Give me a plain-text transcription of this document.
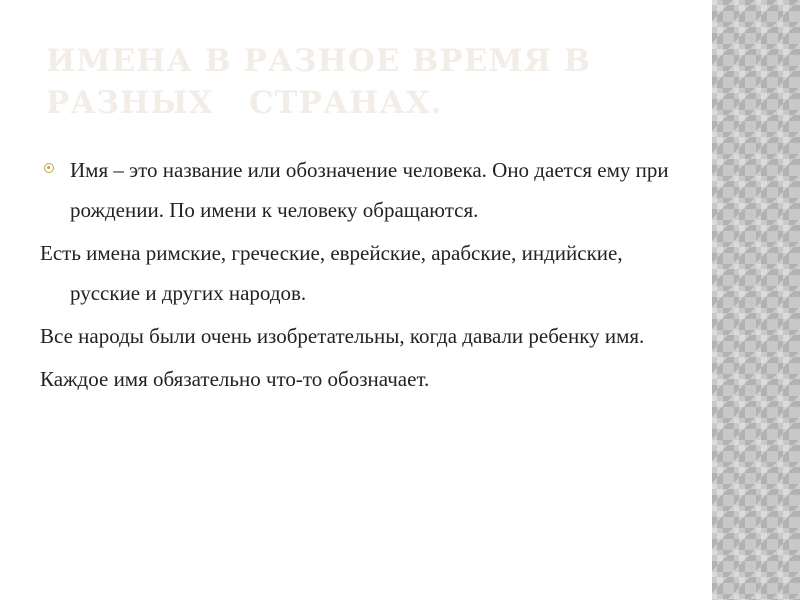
ИМЕНА В РАЗНОЕ ВРЕМЯ В РАЗНЫХ   СТРАНАХ.

Имя – это название или обозначение человека. Оно дается ему при рождении. По имени к человеку обращаются.

Есть имена римские, греческие, еврейские, арабские, индийские, русские и других народов.

Все народы были очень изобретательны, когда давали ребенку имя.

Каждое имя обязательно что-то обозначает.
